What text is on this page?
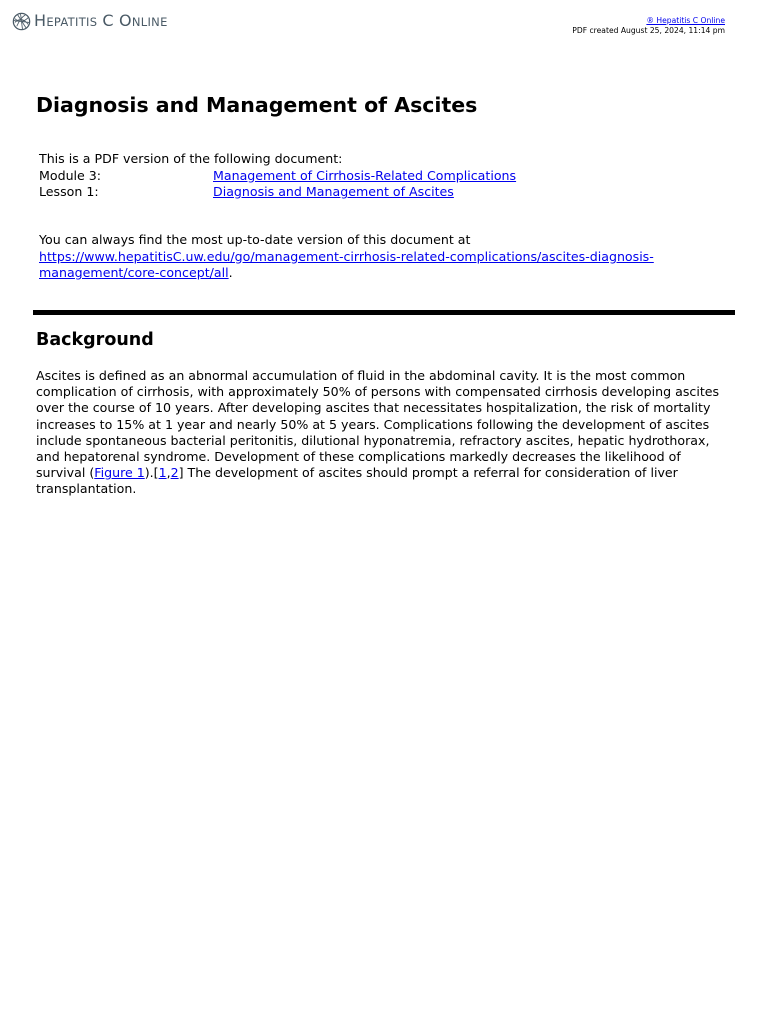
HEPATITIS C ONLINE	® Hepatitis C Online
PDF created August 25, 2024, 11:14 pm
Diagnosis and Management of Ascites
This is a PDF version of the following document:
Module 3:	Management of Cirrhosis-Related Complications
Lesson 1:	Diagnosis and Management of Ascites
You can always find the most up-to-date version of this document at
https://www.hepatitisC.uw.edu/go/management-cirrhosis-related-complications/ascites-diagnosis-
management/core-concept/all.
Background

Ascites is defined as an abnormal accumulation of fluid in the abdominal cavity. It is the most common complication of cirrhosis, with approximately 50% of persons with compensated cirrhosis developing ascites over the course of 10 years. After developing ascites that necessitates hospitalization, the risk of mortality increases to 15% at 1 year and nearly 50% at 5 years. Complications following the development of ascites include spontaneous bacterial peritonitis, dilutional hyponatremia, refractory ascites, hepatic hydrothorax, and hepatorenal syndrome. Development of these complications markedly decreases the likelihood of survival (Figure 1).[1,2] The development of ascites should prompt a referral for consideration of liver transplantation.
